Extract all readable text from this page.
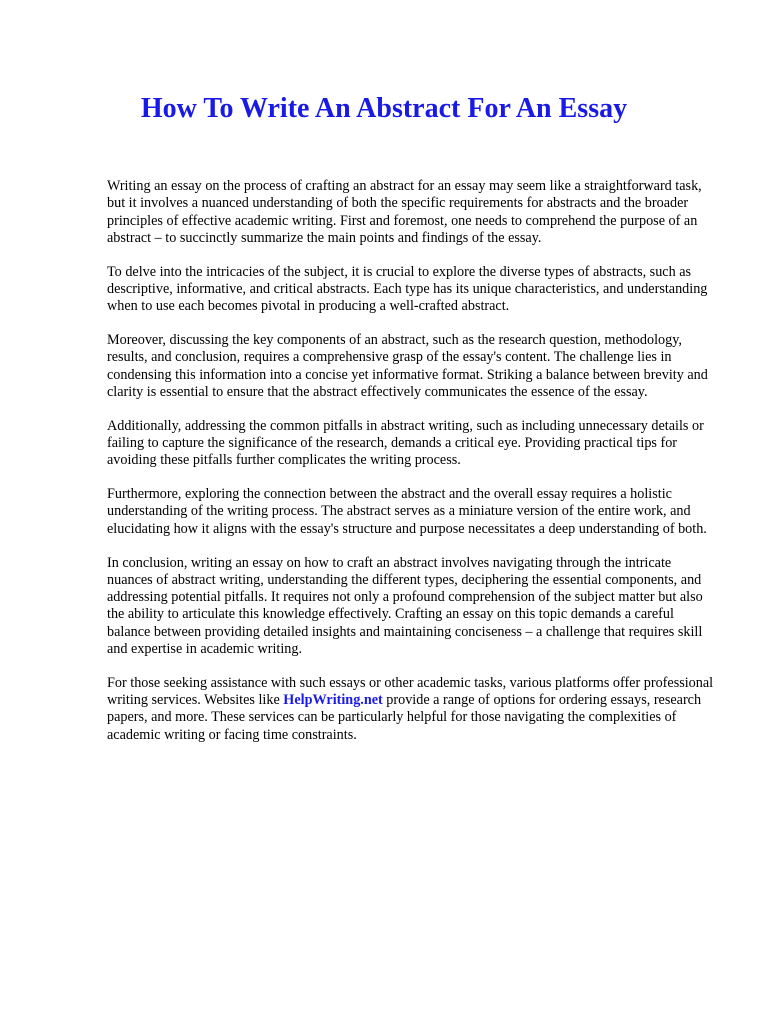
How To Write An Abstract For An Essay

Writing an essay on the process of crafting an abstract for an essay may seem like a straightforward task, but it involves a nuanced understanding of both the specific requirements for abstracts and the broader principles of effective academic writing. First and foremost, one needs to comprehend the purpose of an abstract – to succinctly summarize the main points and findings of the essay.

To delve into the intricacies of the subject, it is crucial to explore the diverse types of abstracts, such as descriptive, informative, and critical abstracts. Each type has its unique characteristics, and understanding when to use each becomes pivotal in producing a well-crafted abstract.

Moreover, discussing the key components of an abstract, such as the research question, methodology, results, and conclusion, requires a comprehensive grasp of the essay's content. The challenge lies in condensing this information into a concise yet informative format. Striking a balance between brevity and clarity is essential to ensure that the abstract effectively communicates the essence of the essay.

Additionally, addressing the common pitfalls in abstract writing, such as including unnecessary details or failing to capture the significance of the research, demands a critical eye. Providing practical tips for avoiding these pitfalls further complicates the writing process.

Furthermore, exploring the connection between the abstract and the overall essay requires a holistic understanding of the writing process. The abstract serves as a miniature version of the entire work, and elucidating how it aligns with the essay's structure and purpose necessitates a deep understanding of both.

In conclusion, writing an essay on how to craft an abstract involves navigating through the intricate nuances of abstract writing, understanding the different types, deciphering the essential components, and addressing potential pitfalls. It requires not only a profound comprehension of the subject matter but also the ability to articulate this knowledge effectively. Crafting an essay on this topic demands a careful balance between providing detailed insights and maintaining conciseness – a challenge that requires skill and expertise in academic writing.

For those seeking assistance with such essays or other academic tasks, various platforms offer professional writing services. Websites like HelpWriting.net provide a range of options for ordering essays, research papers, and more. These services can be particularly helpful for those navigating the complexities of academic writing or facing time constraints.
